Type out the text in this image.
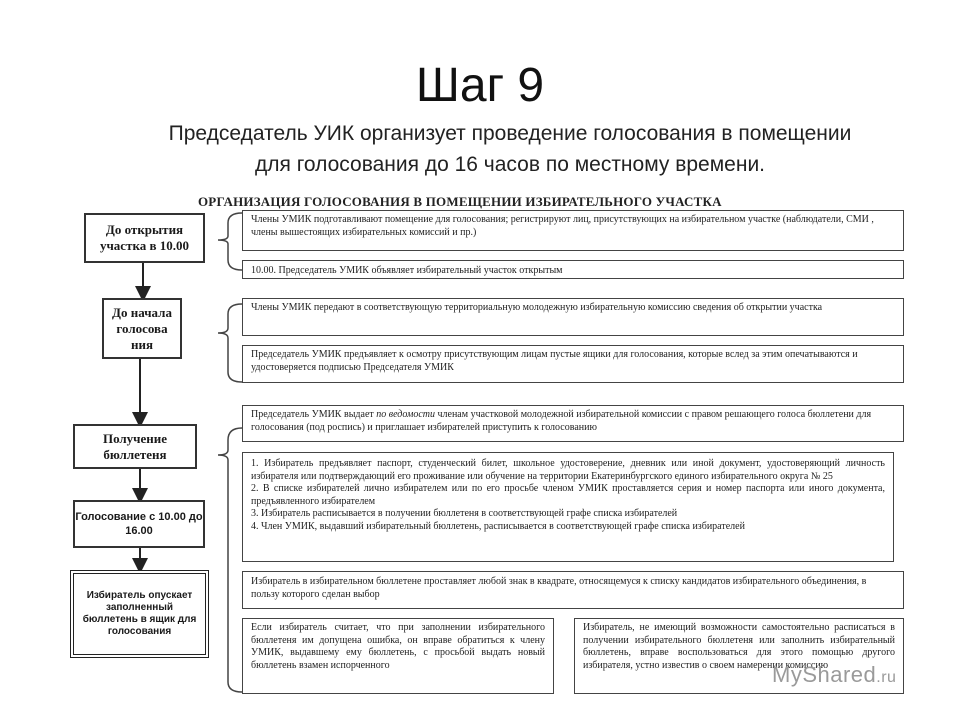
Шаг 9
Председатель УИК организует проведение голосования в помещении
для голосования до 16 часов по местному времени.
ОРГАНИЗАЦИЯ ГОЛОСОВАНИЯ В ПОМЕЩЕНИИ ИЗБИРАТЕЛЬНОГО УЧАСТКА
До открытия участка в 10.00
До начала голосова ния
Получение бюллетеня
Голосование с 10.00 до 16.00
Избиратель опускает заполненный бюллетень в ящик для голосования
Члены УМИК подготавливают помещение для голосования; регистрируют лиц, присутствующих на избирательном участке (наблюдатели, СМИ , члены вышестоящих избирательных комиссий и пр.)
10.00. Председатель УМИК объявляет избирательный участок открытым
Члены УМИК передают в соответствующую территориальную молодежную избирательную комиссию сведения об открытии участка
Председатель УМИК предъявляет к осмотру присутствующим лицам пустые ящики для голосования, которые вслед за этим опечатываются и удостоверяется подписью Председателя УМИК
Председатель УМИК выдает по ведомости членам участковой молодежной избирательной комиссии с правом решающего голоса бюллетени для голосования (под роспись) и приглашает избирателей приступить к голосованию
1. Избиратель предъявляет паспорт, студенческий билет, школьное удостоверение, дневник или иной документ, удостоверяющий личность избирателя или подтверждающий его проживание или обучение на территории Екатеринбургского единого избирательного округа № 25
2. В списке избирателей лично избирателем или по его просьбе членом УМИК проставляется серия и номер паспорта или иного документа, предъявленного избирателем
3. Избиратель расписывается в получении бюллетеня в соответствующей графе списка избирателей
4. Член УМИК, выдавший избирательный бюллетень, расписывается в соответствующей графе списка избирателей
Избиратель в избирательном бюллетене проставляет любой знак в квадрате, относящемуся к списку кандидатов избирательного объединения, в пользу которого сделан выбор
Если избиратель считает, что при заполнении избирательного бюллетеня им допущена ошибка, он вправе обратиться к члену УМИК, выдавшему ему бюллетень, с просьбой выдать новый бюллетень взамен испорченного
Избиратель, не имеющий возможности самостоятельно расписаться в получении избирательного бюллетеня или заполнить избирательный бюллетень, вправе воспользоваться для этого помощью другого избирателя, устно известив о своем намерении комиссию
MyShared.ru
